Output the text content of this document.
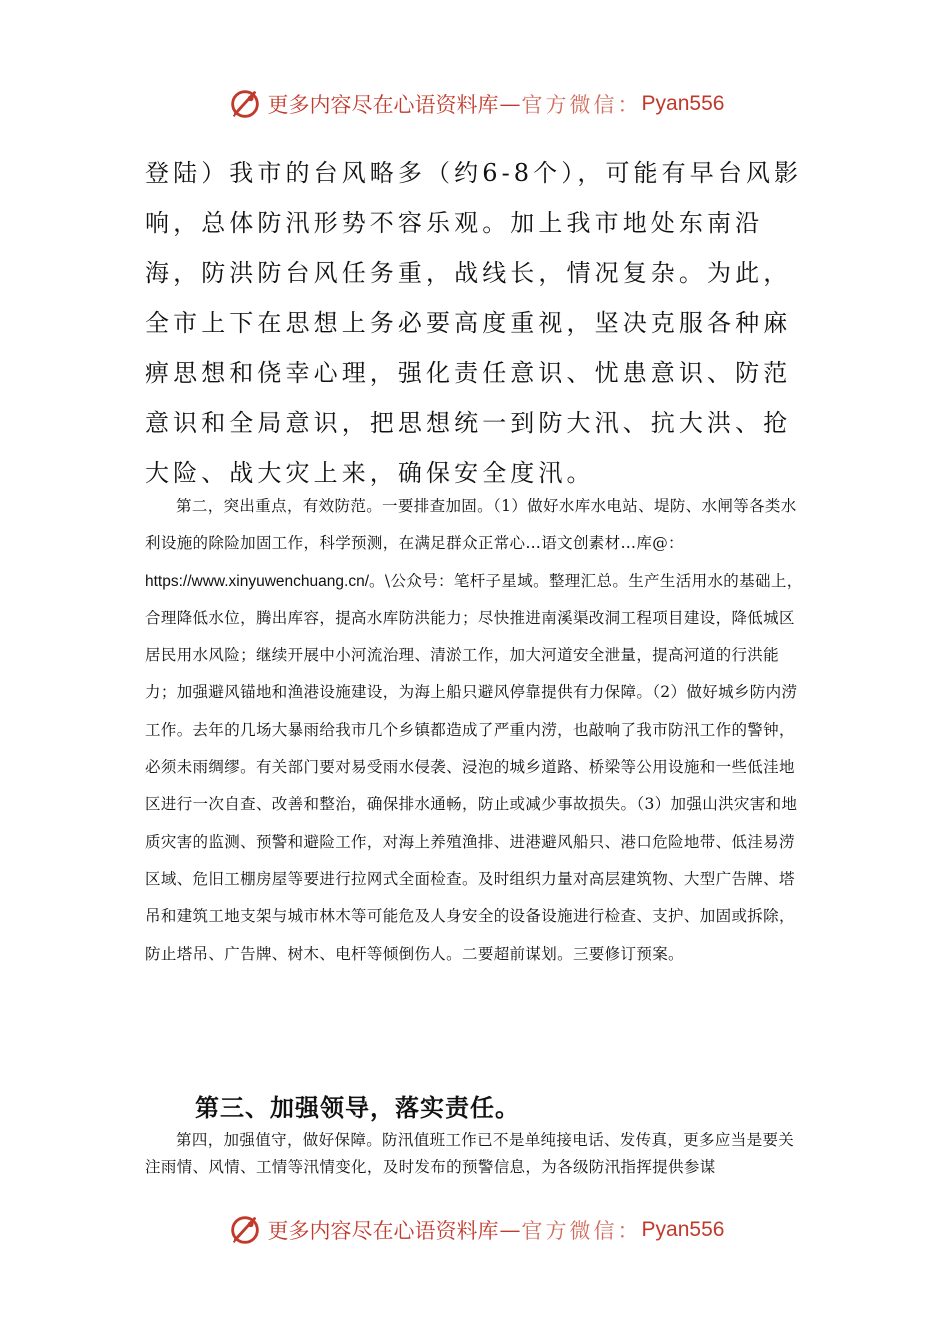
更多内容尽在心语资料库 — 官方微信： Pyan556

登陆）我市的台风略多（约6-8个），可能有早台风影响，总体防汛形势不容乐观。加上我市地处东南沿海，防洪防台风任务重，战线长，情况复杂。为此，全市上下在思想上务必要高度重视，坚决克服各种麻痹思想和侥幸心理，强化责任意识、忧患意识、防范意识和全局意识，把思想统一到防大汛、抗大洪、抢大险、战大灾上来，确保安全度汛。

第二，突出重点，有效防范。一要排查加固。（1）做好水库水电站、堤防、水闸等各类水利设施的除险加固工作，科学预测，在满足群众正常心…语文创素材…库@：https://www.xinyuwenchuang.cn/。\公众号：笔杆子星域。整理汇总。生产生活用水的基础上，合理降低水位，腾出库容，提高水库防洪能力；尽快推进南溪渠改洞工程项目建设，降低城区居民用水风险；继续开展中小河流治理、清淤工作，加大河道安全泄量，提高河道的行洪能力；加强避风锚地和渔港设施建设，为海上船只避风停靠提供有力保障。（2）做好城乡防内涝工作。去年的几场大暴雨给我市几个乡镇都造成了严重内涝，也敲响了我市防汛工作的警钟，必须未雨绸缪。有关部门要对易受雨水侵袭、浸泡的城乡道路、桥梁等公用设施和一些低洼地区进行一次自查、改善和整治，确保排水通畅，防止或减少事故损失。（3）加强山洪灾害和地质灾害的监测、预警和避险工作，对海上养殖渔排、进港避风船只、港口危险地带、低洼易涝区域、危旧工棚房屋等要进行拉网式全面检查。及时组织力量对高层建筑物、大型广告牌、塔吊和建筑工地支架与城市林木等可能危及人身安全的设备设施进行检查、支护、加固或拆除，防止塔吊、广告牌、树木、电杆等倾倒伤人。二要超前谋划。三要修订预案。

第三、加强领导，落实责任。

第四，加强值守，做好保障。防汛值班工作已不是单纯接电话、发传真，更多应当是要关注雨情、风情、工情等汛情变化，及时发布的预警信息，为各级防汛指挥提供参谋

更多内容尽在心语资料库 — 官方微信： Pyan556
